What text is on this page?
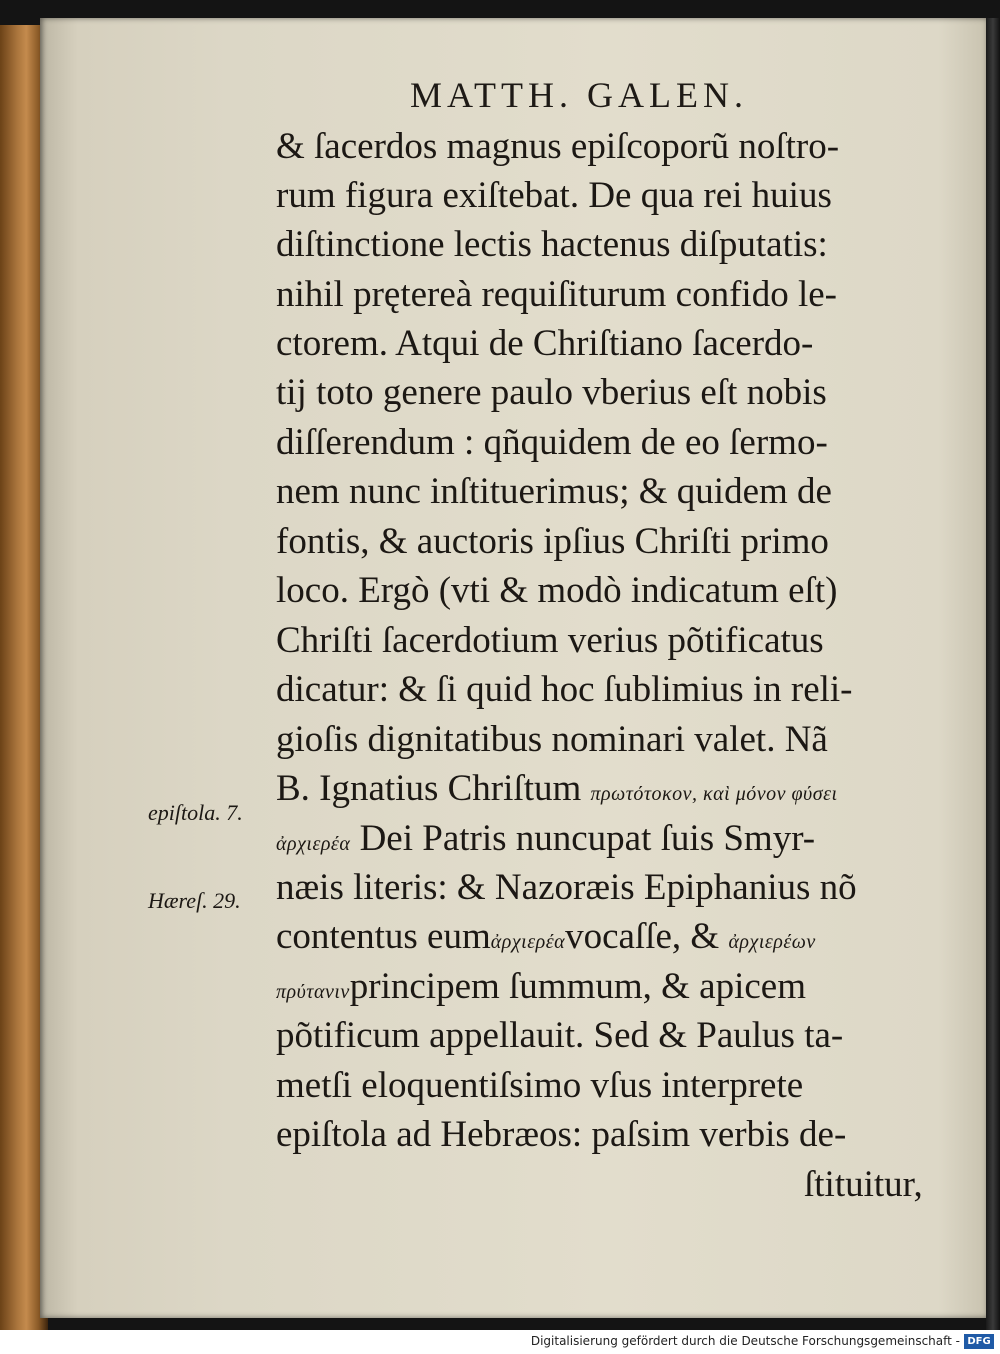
MATTH. GALEN.
& ſacerdos magnus epiſcoporũ noſtro-
rum figura exiſtebat. De qua rei huius
diſtinctione lectis hactenus diſputatis:
nihil prętereà requiſiturum confido le-
ctorem. Atqui de Chriſtiano ſacerdo-
tij toto genere paulo vberius eſt nobis
diſſerendum : qñquidem de eo ſermo-
nem nunc inſtituerimus; & quidem de
fontis, & auctoris ipſius Chriſti primo
loco. Ergò (vti & modò indicatum eſt)
Chriſti ſacerdotium verius põtificatus
dicatur: & ſi quid hoc ſublimius in reli-
gioſis dignitatibus nominari valet. Nã
B. Ignatius Chriſtum πρωτότοκον, καὶ μόνον φύσει
ἀρχιερέα Dei Patris nuncupat ſuis Smyr-
næis literis: & Nazoræis Epiphanius nõ
contentus eumἀρχιερέαvocaſſe, & ἀρχιερέων
πρύτανινprincipem ſummum, & apicem
põtificum appellauit. Sed & Paulus ta-
metſi eloquentiſsimo vſus interprete
epiſtola ad Hebræos: paſsim verbis de-
ſtituitur,
epiſtola. 7.
Hæreſ. 29.
Digitalisierung gefördert durch die Deutsche Forschungsgemeinschaft - DFG
